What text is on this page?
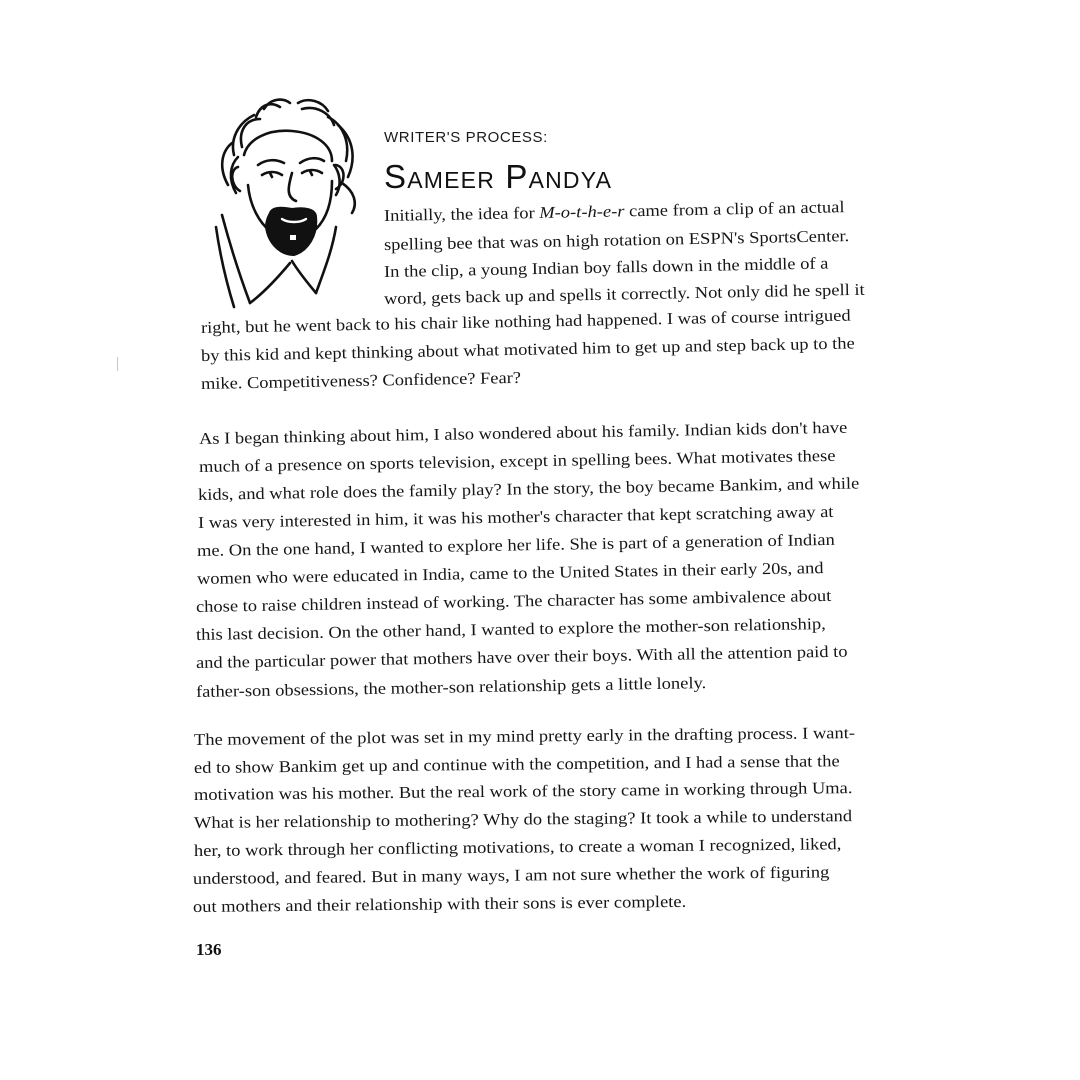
WRITER'S PROCESS:
Sameer Pandya
Initially, the idea for M-o-t-h-e-r came from a clip of an actual
spelling bee that was on high rotation on ESPN's SportsCenter.
In the clip, a young Indian boy falls down in the middle of a
word, gets back up and spells it correctly. Not only did he spell it
right, but he went back to his chair like nothing had happened. I was of course intrigued
by this kid and kept thinking about what motivated him to get up and step back up to the
mike. Competitiveness? Confidence? Fear?
As I began thinking about him, I also wondered about his family. Indian kids don't have
much of a presence on sports television, except in spelling bees. What motivates these
kids, and what role does the family play? In the story, the boy became Bankim, and while
I was very interested in him, it was his mother's character that kept scratching away at
me. On the one hand, I wanted to explore her life. She is part of a generation of Indian
women who were educated in India, came to the United States in their early 20s, and
chose to raise children instead of working. The character has some ambivalence about
this last decision. On the other hand, I wanted to explore the mother-son relationship,
and the particular power that mothers have over their boys. With all the attention paid to
father-son obsessions, the mother-son relationship gets a little lonely.
The movement of the plot was set in my mind pretty early in the drafting process. I want-
ed to show Bankim get up and continue with the competition, and I had a sense that the
motivation was his mother. But the real work of the story came in working through Uma.
What is her relationship to mothering? Why do the staging? It took a while to understand
her, to work through her conflicting motivations, to create a woman I recognized, liked,
understood, and feared. But in many ways, I am not sure whether the work of figuring
out mothers and their relationship with their sons is ever complete.
136
